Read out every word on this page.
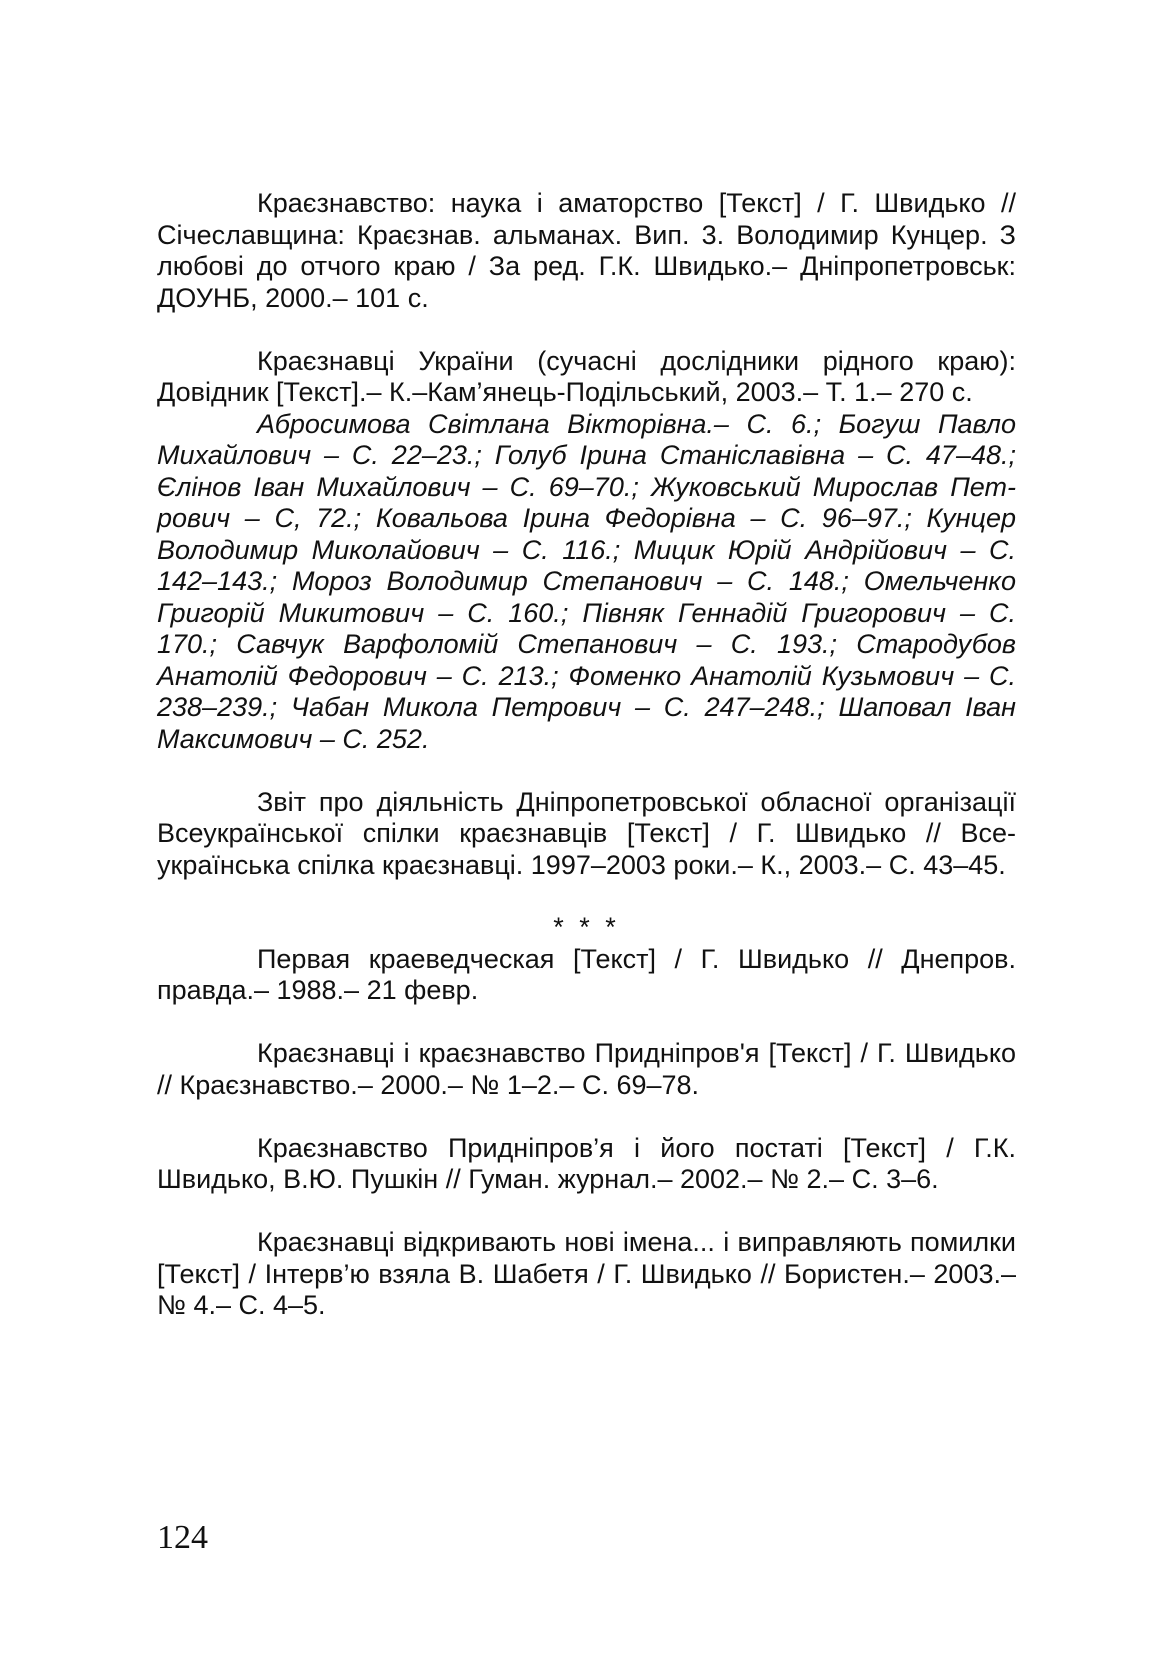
Краєзнавство: наука і аматорство [Текст] / Г. Швидько // Січеславщина: Краєзнав. альманах. Вип. 3. Володимир Кунцер. З любові до отчого краю / За ред. Г.К. Швидько.– Дніпропетровськ: ДОУНБ, 2000.– 101 с.

Краєзнавці України (сучасні дослідники рідного краю): Довідник [Текст].– К.–Кам’янець-Подільський, 2003.– Т. 1.– 270 с.

Абросимова Світлана Вікторівна.– С. 6.; Богуш Павло Михайлович – С. 22–23.; Голуб Ірина Станіславівна – С. 47–48.; Єлінов Іван Михайлович – С. 69–70.; Жуковський Мирослав Петрович – С, 72.; Ковальова Ірина Федорівна – С. 96–97.; Кунцер Володимир Миколайович – С. 116.; Мицик Юрій Андрійович – С. 142–143.; Мороз Володимир Степанович – С. 148.; Омельченко Григорій Микитович – С. 160.; Півняк Геннадій Григорович – С. 170.; Савчук Варфоломій Степанович – С. 193.; Стародубов Анатолій Федорович – С. 213.; Фоменко Анатолій Кузьмович – С. 238–239.; Чабан Микола Петрович – С. 247–248.; Шаповал Іван Максимович – С. 252.

Звіт про діяльність Дніпропетровської обласної організації Всеукраїнської спілки краєзнавців [Текст] / Г. Швидько // Всеукраїнська спілка краєзнавці. 1997–2003 роки.– К., 2003.– С. 43–45.

* * *

Первая краеведческая [Текст] / Г. Швидько // Днепров. правда.– 1988.– 21 февр.

Краєзнавці і краєзнавство Придніпров'я [Текст] / Г. Швидько // Краєзнавство.– 2000.– № 1–2.– С. 69–78.

Краєзнавство Придніпров’я і його постаті [Текст] / Г.К. Швидько, В.Ю. Пушкін // Гуман. журнал.– 2002.– № 2.– С. 3–6.

Краєзнавці відкривають нові імена... і виправляють помилки [Текст] / Інтерв’ю взяла В. Шабетя / Г. Швидько // Бористен.– 2003.– № 4.– С. 4–5.

124
